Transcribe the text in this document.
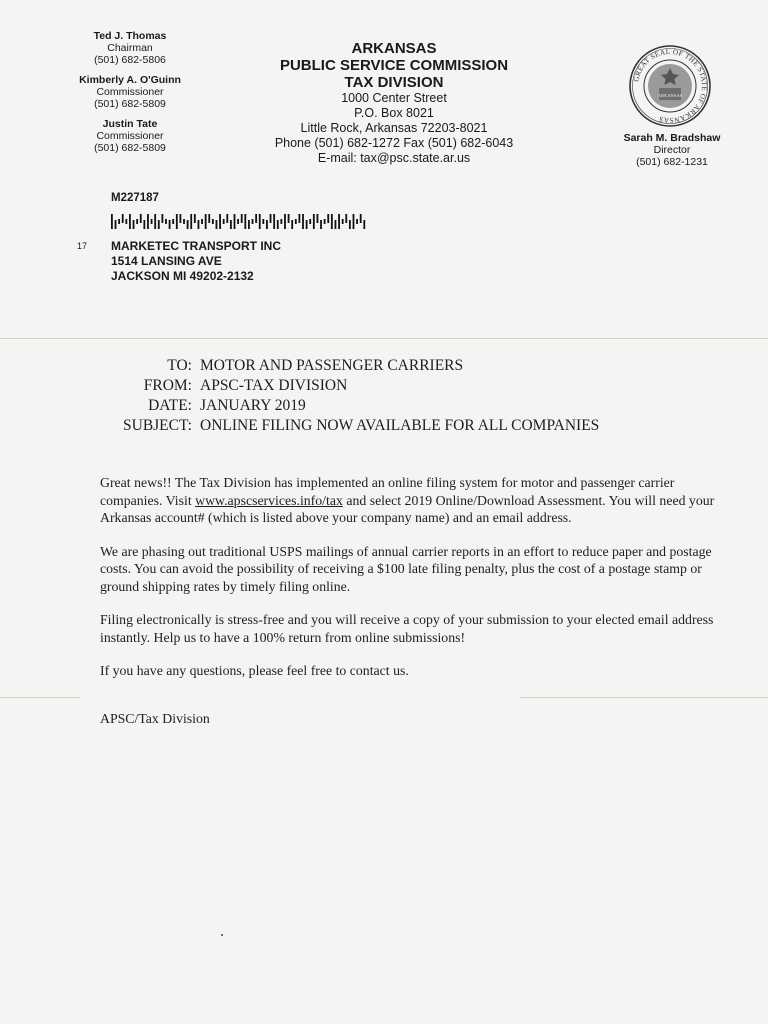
Ted J. Thomas
Chairman
(501) 682-5806
Kimberly A. O'Guinn
Commissioner
(501) 682-5809
Justin Tate
Commissioner
(501) 682-5809
ARKANSAS
PUBLIC SERVICE COMMISSION
TAX DIVISION
1000 Center Street
P.O. Box 8021
Little Rock, Arkansas 72203-8021
Phone (501) 682-1272 Fax (501) 682-6043
E-mail: tax@psc.state.ar.us
GREAT SEAL OF THE STATE OF ARKANSAS
ARKANSAS
Sarah M. Bradshaw
Director
(501) 682-1231
M227187
17 MARKETEC TRANSPORT INC
1514 LANSING AVE
JACKSON MI 49202-2132
TO: MOTOR AND PASSENGER CARRIERS
FROM: APSC-TAX DIVISION
DATE: JANUARY 2019
SUBJECT: ONLINE FILING NOW AVAILABLE FOR ALL COMPANIES

Great news!! The Tax Division has implemented an online filing system for motor and passenger carrier companies. Visit www.apscservices.info/tax and select 2019 Online/Download Assessment. You will need your Arkansas account# (which is listed above your company name) and an email address.

We are phasing out traditional USPS mailings of annual carrier reports in an effort to reduce paper and postage costs. You can avoid the possibility of receiving a $100 late filing penalty, plus the cost of a postage stamp or ground shipping rates by timely filing online.

Filing electronically is stress-free and you will receive a copy of your submission to your elected email address instantly. Help us to have a 100% return from online submissions!

If you have any questions, please feel free to contact us.

APSC/Tax Division
